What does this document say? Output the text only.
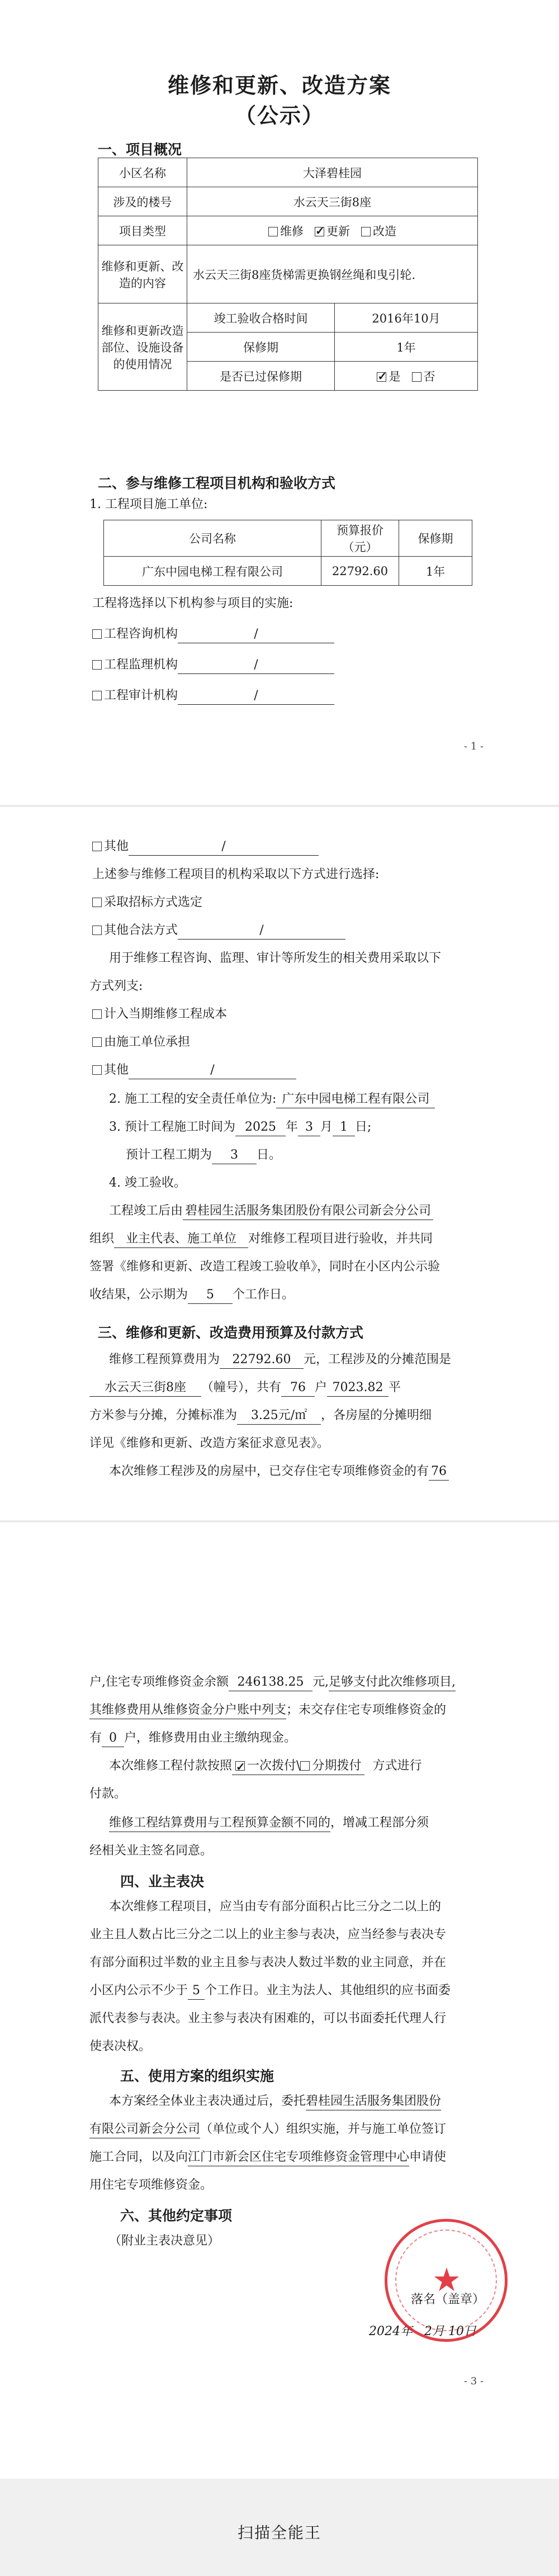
维修和更新、改造方案
（公示）
一、项目概况
小区名称	大泽碧桂园	
涉及的楼号	水云天三街8座	
项目类型	维修 ✓ 更新 改造
维修和更新、改造的内容	水云天三街8座货梯需更换钢丝绳和曳引轮.	
维修和更新改造部位、设施设备的使用情况	竣工验收合格时间	2016年10月
	保修期	1年
	是否已过保修期	✓是 否
二、参与维修工程项目机构和验收方式
1. 工程项目施工单位:
公司名称	预算报价（元）	保修期
广东中园电梯工程有限公司	22792.60	1年
工程将选择以下机构参与项目的实施:
工程咨询机构	/
工程监理机构	/
工程审计机构	/
- 1 -
其他	/
上述参与维修工程项目的机构采取以下方式进行选择:
采取招标方式选定
其他合法方式	/
用于维修工程咨询、监理、审计等所发生的相关费用采取以下
方式列支:
计入当期维修工程成本
由施工单位承担
其他	/
2. 施工工程的安全责任单位为: 广东中园电梯工程有限公司
3. 预计工程施工时间为 2025 年 3 月 1 日;
预计工程工期为 3 日。
4. 竣工验收。
工程竣工后由 碧桂园生活服务集团股份有限公司新会分公司
组织 业主代表、施工单位 对维修工程项目进行验收，并共同
签署《维修和更新、改造工程竣工验收单》，同时在小区内公示验
收结果，公示期为 5 个工作日。
三、维修和更新、改造费用预算及付款方式
维修工程预算费用为 22792.60 元，工程涉及的分摊范围是
水云天三街8座 （幢号），共有 76 户 7023.82 平
方米参与分摊，分摊标准为 3.25元/㎡ ，各房屋的分摊明细
详见《维修和更新、改造方案征求意见表》。
本次维修工程涉及的房屋中，已交存住宅专项维修资金的有 76
户,住宅专项维修资金余额 246138.25 元,足够支付此次维修项目,
其维修费用从维修资金分户账中列支；未交存住宅专项维修资金的
有 0 户，维修费用由业主缴纳现金。
本次维修工程付款按照 ✓ 一次拨付\ 分期拨付 方式进行
付款。
维修工程结算费用与工程预算金额不同的，增减工程部分须
经相关业主签名同意。
四、业主表决
本次维修工程项目，应当由专有部分面积占比三分之二以上的
业主且人数占比三分之二以上的业主参与表决，应当经参与表决专
有部分面积过半数的业主且参与表决人数过半数的业主同意，并在
小区内公示不少于 5 个工作日。业主为法人、其他组织的应书面委
派代表参与表决。业主参与表决有困难的，可以书面委托代理人行
使表决权。
五、使用方案的组织实施
本方案经全体业主表决通过后，委托碧桂园生活服务集团股份
有限公司新会分公司（单位或个人）组织实施，并与施工单位签订
施工合同，以及向江门市新会区住宅专项维修资金管理中心申请使
用住宅专项维修资金。
六、其他约定事项
（附业主表决意见）
落名（盖章）
2024年 2月 10日
- 3 -
★
扫描全能王
